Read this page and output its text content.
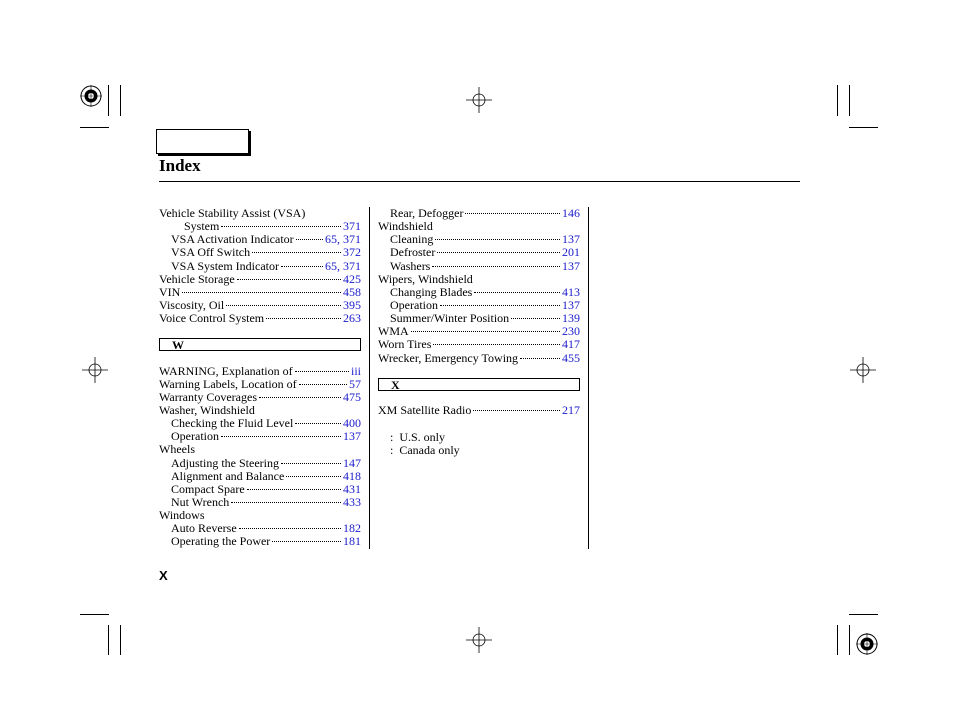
Index
Vehicle Stability Assist (VSA)
System	371
VSA Activation Indicator	65 , 371
VSA Off Switch	372
VSA System Indicator	65 , 371
Vehicle Storage	425
VIN	458
Viscosity, Oil	395
Voice Control System	263
W
WARNING, Explanation of	iii
Warning Labels, Location of	57
Warranty Coverages	475
Washer, Windshield
Checking the Fluid Level	400
Operation	137
Wheels
Adjusting the Steering	147
Alignment and Balance	418
Compact Spare	431
Nut Wrench	433
Windows
Auto Reverse	182
Operating the Power	181
Rear, Defogger	146
Windshield
Cleaning	137
Defroster	201
Washers	137
Wipers, Windshield
Changing Blades	413
Operation	137
Summer/Winter Position	139
WMA	230
Worn Tires	417
Wrecker, Emergency Towing	455
X
XM Satellite Radio	217
: U.S. only
: Canada only
X
